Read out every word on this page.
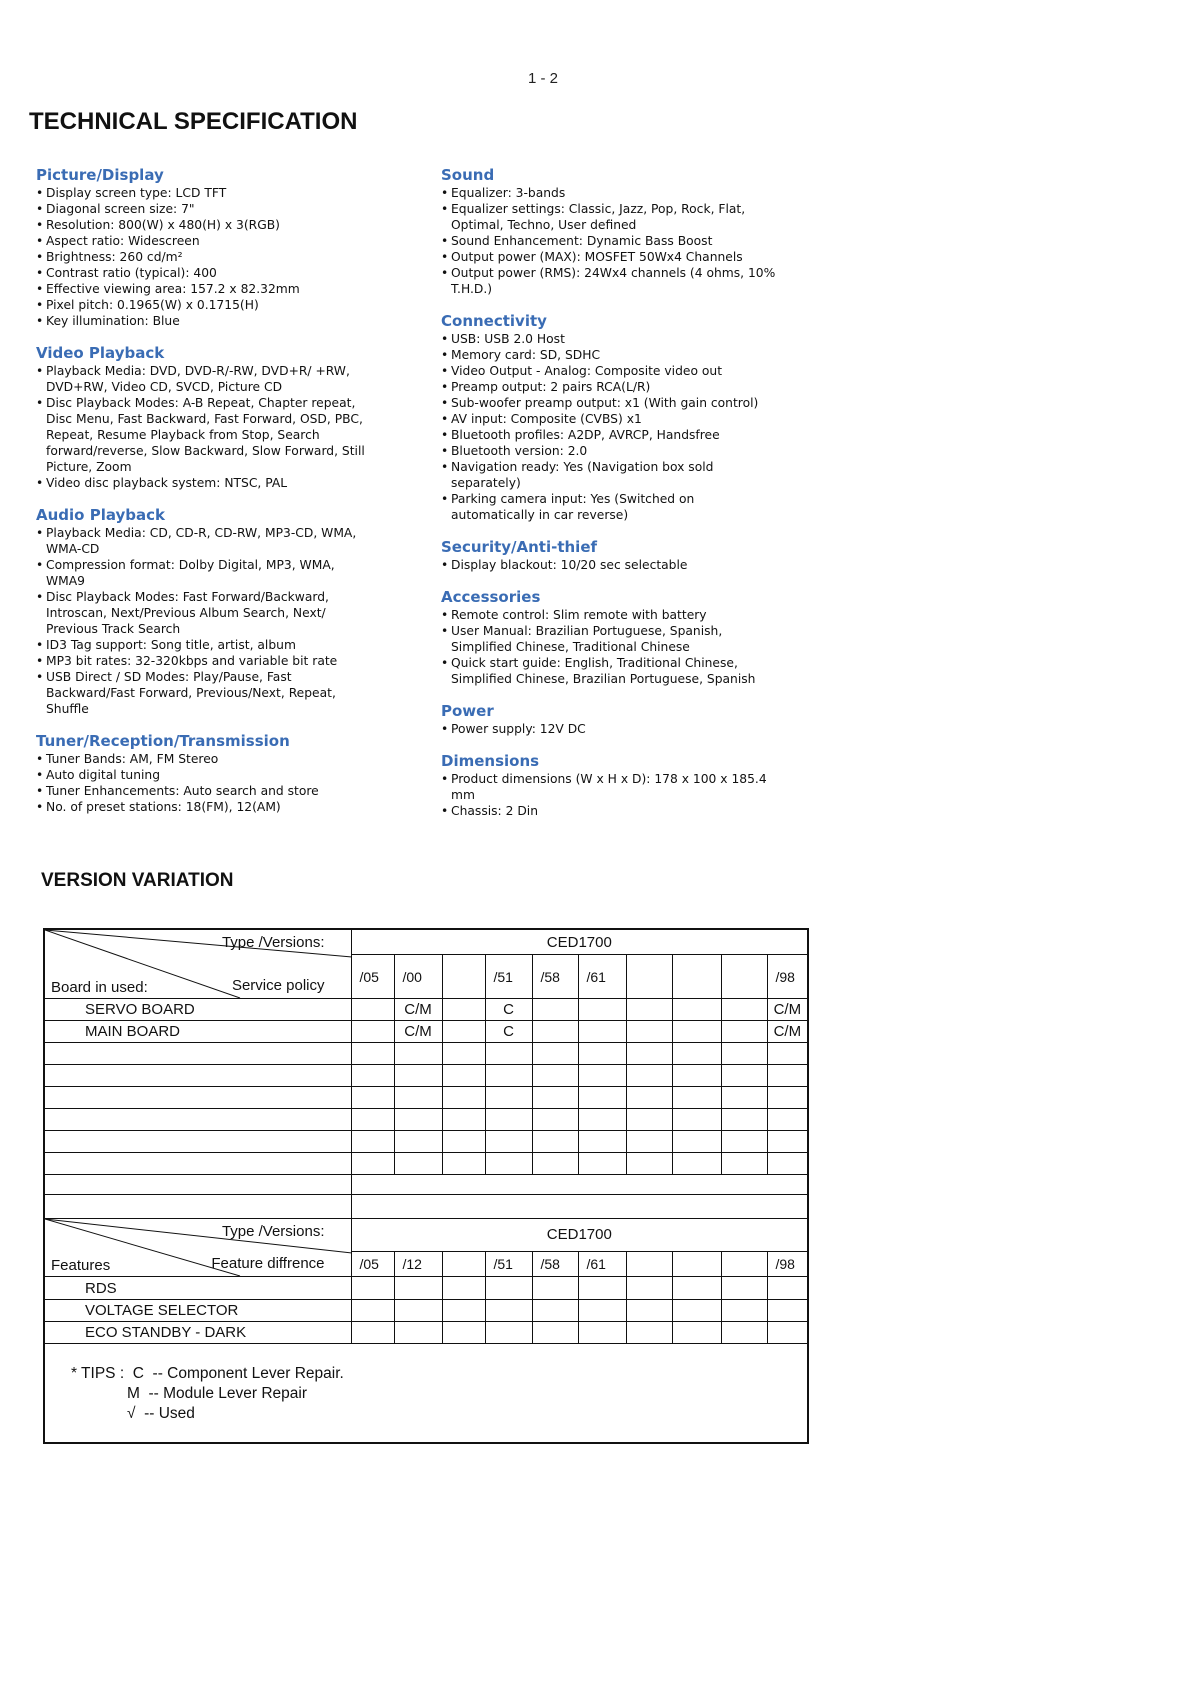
1 - 2
TECHNICAL SPECIFICATION
Picture/Display
• Display screen type: LCD TFT
• Diagonal screen size: 7"
• Resolution: 800(W) x 480(H) x 3(RGB)
• Aspect ratio: Widescreen
• Brightness: 260 cd/m²
• Contrast ratio (typical): 400
• Effective viewing area: 157.2 x 82.32mm
• Pixel pitch: 0.1965(W) x 0.1715(H)
• Key illumination: Blue
Video Playback
• Playback Media: DVD, DVD-R/-RW, DVD+R/ +RW, DVD+RW, Video CD, SVCD, Picture CD
• Disc Playback Modes: A-B Repeat, Chapter repeat, Disc Menu, Fast Backward, Fast Forward, OSD, PBC, Repeat, Resume Playback from Stop, Search forward/reverse, Slow Backward, Slow Forward, Still Picture, Zoom
• Video disc playback system: NTSC, PAL
Audio Playback
• Playback Media: CD, CD-R, CD-RW, MP3-CD, WMA, WMA-CD
• Compression format: Dolby Digital, MP3, WMA, WMA9
• Disc Playback Modes: Fast Forward/Backward, Introscan, Next/Previous Album Search, Next/ Previous Track Search
• ID3 Tag support: Song title, artist, album
• MP3 bit rates: 32-320kbps and variable bit rate
• USB Direct / SD Modes: Play/Pause, Fast Backward/Fast Forward, Previous/Next, Repeat, Shuffle
Tuner/Reception/Transmission
• Tuner Bands: AM, FM Stereo
• Auto digital tuning
• Tuner Enhancements: Auto search and store
• No. of preset stations: 18(FM), 12(AM)
Sound
• Equalizer: 3-bands
• Equalizer settings: Classic, Jazz, Pop, Rock, Flat, Optimal, Techno, User defined
• Sound Enhancement: Dynamic Bass Boost
• Output power (MAX): MOSFET 50Wx4 Channels
• Output power (RMS): 24Wx4 channels (4 ohms, 10% T.H.D.)
Connectivity
• USB: USB 2.0 Host
• Memory card: SD, SDHC
• Video Output - Analog: Composite video out
• Preamp output: 2 pairs RCA(L/R)
• Sub-woofer preamp output: x1 (With gain control)
• AV input: Composite (CVBS) x1
• Bluetooth profiles: A2DP, AVRCP, Handsfree
• Bluetooth version: 2.0
• Navigation ready: Yes (Navigation box sold separately)
• Parking camera input: Yes (Switched on automatically in car reverse)
Security/Anti-thief
• Display blackout: 10/20 sec selectable
Accessories
• Remote control: Slim remote with battery
• User Manual: Brazilian Portuguese, Spanish, Simplified Chinese, Traditional Chinese
• Quick start guide: English, Traditional Chinese, Simplified Chinese, Brazilian Portuguese, Spanish
Power
• Power supply: 12V DC
Dimensions
• Product dimensions (W x H x D): 178 x 100 x 185.4 mm
• Chassis: 2 Din
VERSION VARIATION
Type /Versions:
Service policy
Board in used:	CED1700									
	/05	/00		/51	/58	/61				/98
SERVO BOARD		C/M		C						C/M
MAIN BOARD		C/M		C						C/M

Type /Versions:
Feature diffrence
Features	CED1700									
	/05	/12		/51	/58	/61				/98
RDS										
VOLTAGE SELECTOR										
ECO STANDBY - DARK										

* TIPS :  C  -- Component Lever Repair.
M  -- Module Lever Repair
√  -- Used										
